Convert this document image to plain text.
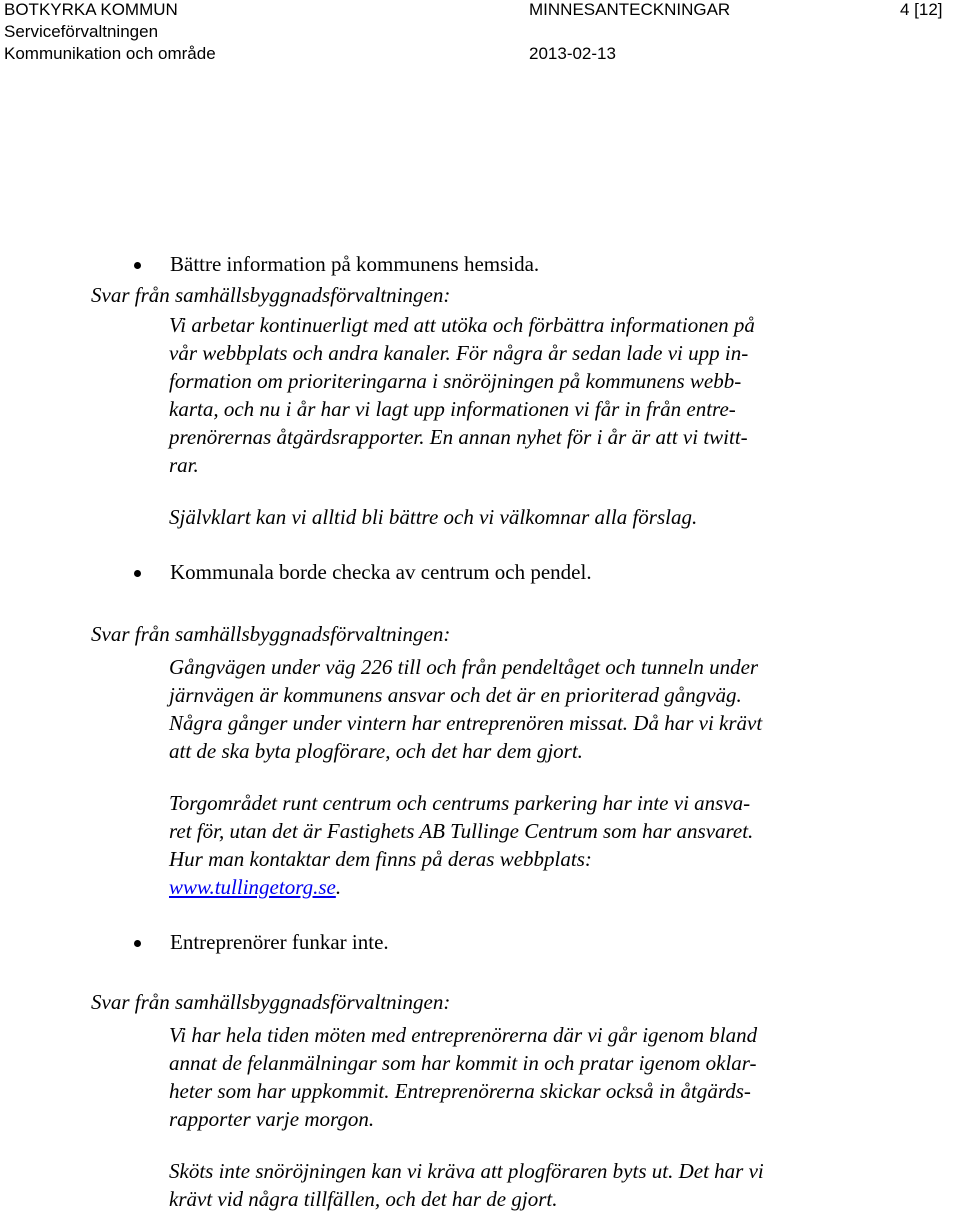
BOTKYRKA KOMMUN
Serviceförvaltningen
Kommunikation och område
MINNESANTECKNINGAR
2013-02-13
4 [12]
Bättre information på kommunens hemsida.
Svar från samhällsbyggnadsförvaltningen:
Vi arbetar kontinuerligt med att utöka och förbättra informationen på
vår webbplats och andra kanaler. För några år sedan lade vi upp in-
formation om prioriteringarna i snöröjningen på kommunens webb-
karta, och nu i år har vi lagt upp informationen vi får in från entre-
prenörernas åtgärdsrapporter. En annan nyhet för i år är att vi twitt-
rar.
Självklart kan vi alltid bli bättre och vi välkomnar alla förslag.
Kommunala borde checka av centrum och pendel.
Svar från samhällsbyggnadsförvaltningen:
Gångvägen under väg 226 till och från pendeltåget och tunneln under
järnvägen är kommunens ansvar och det är en prioriterad gångväg.
Några gånger under vintern har entreprenören missat. Då har vi krävt
att de ska byta plogförare, och det har dem gjort.
Torgområdet runt centrum och centrums parkering har inte vi ansva-
ret för, utan det är Fastighets AB Tullinge Centrum som har ansvaret.
Hur man kontaktar dem finns på deras webbplats:
www.tullingetorg.se.
Entreprenörer funkar inte.
Svar från samhällsbyggnadsförvaltningen:
Vi har hela tiden möten med entreprenörerna där vi går igenom bland
annat de felanmälningar som har kommit in och pratar igenom oklar-
heter som har uppkommit. Entreprenörerna skickar också in åtgärds-
rapporter varje morgon.
Sköts inte snöröjningen kan vi kräva att plogföraren byts ut. Det har vi
krävt vid några tillfällen, och det har de gjort.
